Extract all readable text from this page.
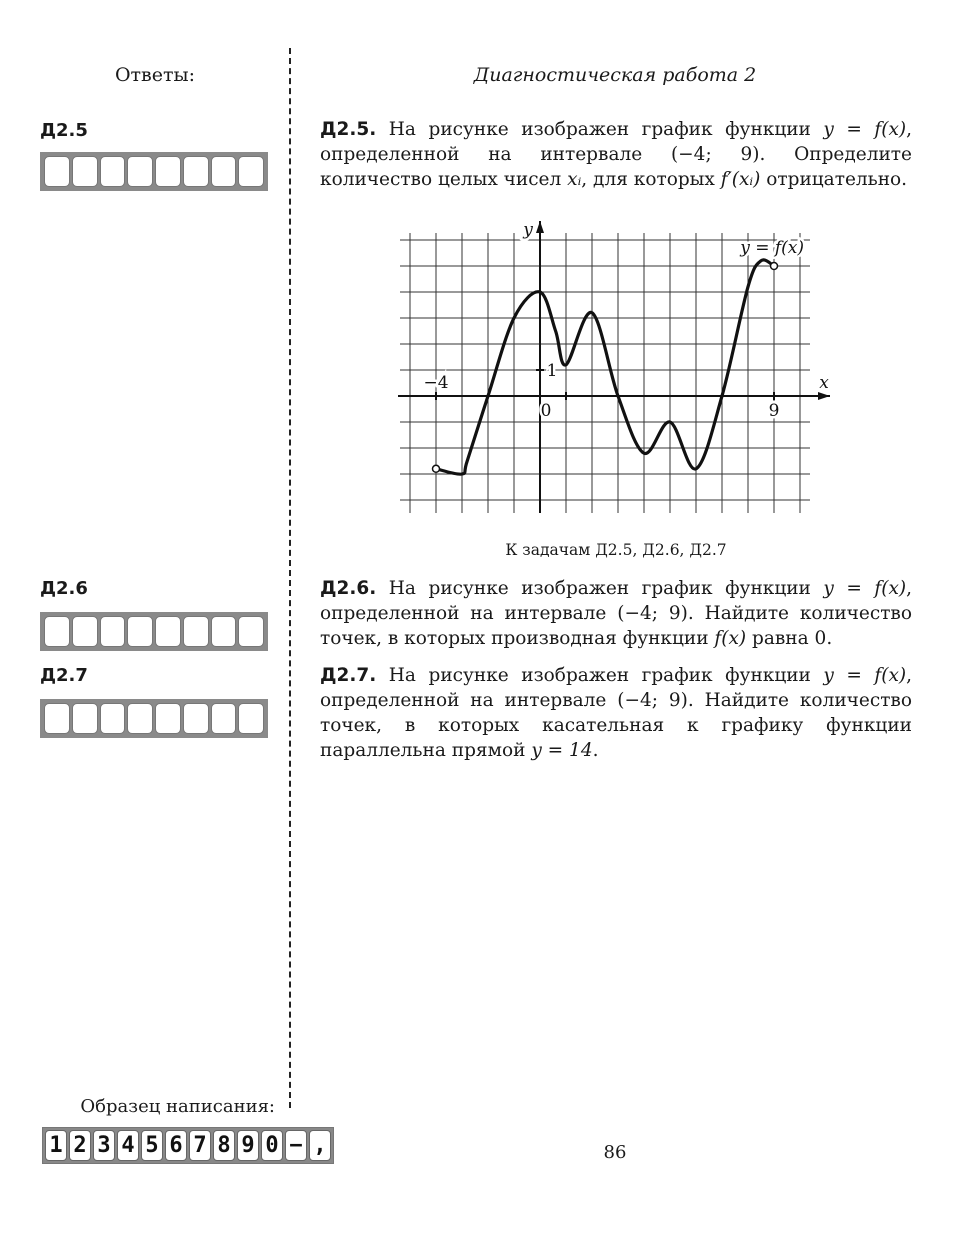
Ответы:	Диагностическая работа 2
Д2.5
Д2.6
Д2.7
Д2.5. На рисунке изображен график функции y = f(x), определенной на интервале (−4; 9). Определите количество целых чисел xᵢ, для которых f′(xᵢ) отрицательно.
−4
9
0
1
x
y
y = f(x)
К задачам Д2.5, Д2.6, Д2.7
Д2.6. На рисунке изображен график функции y = f(x), определенной на интервале (−4; 9). Найдите количество точек, в которых производная функции f(x) равна 0.
Д2.7. На рисунке изображен график функции y = f(x), определенной на интервале (−4; 9). Найдите количество точек, в которых касательная к графику функции параллельна прямой y = 14.
Образец написания:
1 2 3 4 5 6 7 8 9 0 − ,	86
